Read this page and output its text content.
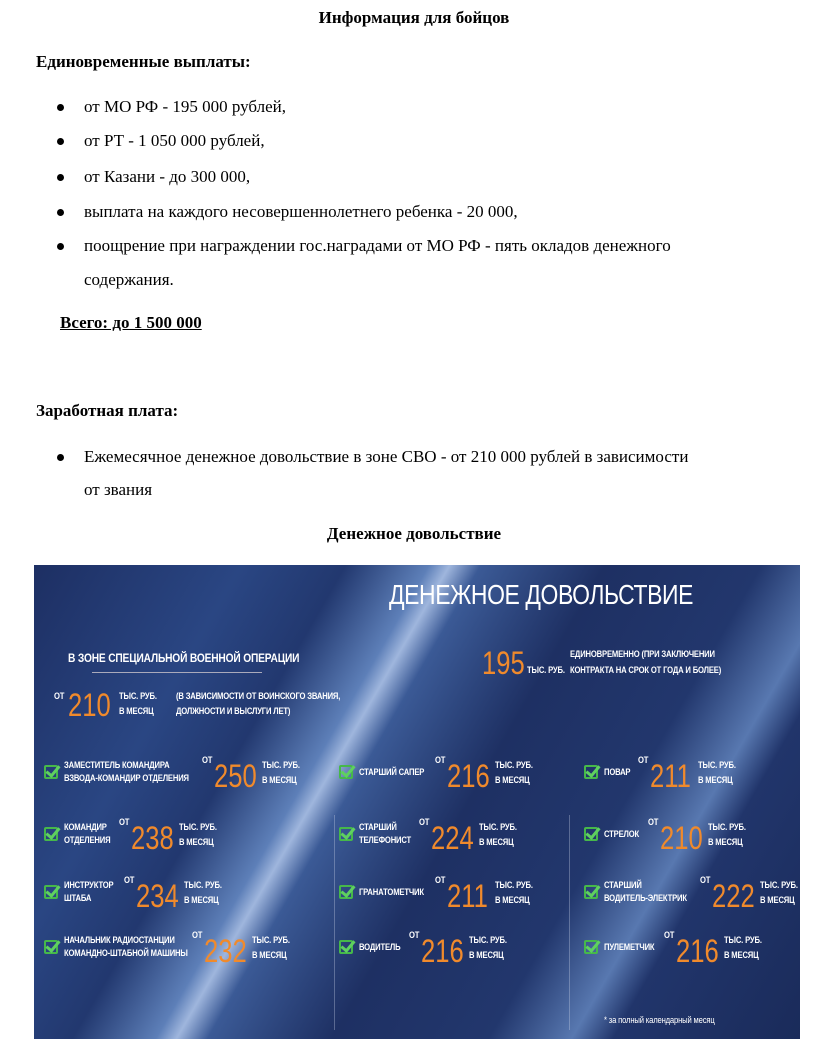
Информация для бойцов
Единовременные выплаты:
от МО РФ - 195 000 рублей,
от РТ - 1 050 000 рублей,
от Казани - до 300 000,
выплата на каждого несовершеннолетнего ребенка - 20 000,
поощрение при награждении гос.наградами от МО РФ - пять окладов денежного
содержания.
Всего: до 1 500 000
Заработная плата:
Ежемесячное денежное довольствие в зоне СВО - от 210 000 рублей в зависимости
от звания
Денежное довольствие
ДЕНЕЖНОЕ ДОВОЛЬСТВИЕ
В ЗОНЕ СПЕЦИАЛЬНОЙ ВОЕННОЙ ОПЕРАЦИИ
ОТ 210 ТЫС. РУБ.
В МЕСЯЦ
(В ЗАВИСИМОСТИ ОТ ВОИНСКОГО ЗВАНИЯ,
ДОЛЖНОСТИ И ВЫСЛУГИ ЛЕТ)
195 ТЫС. РУБ.
ЕДИНОВРЕМЕННО (ПРИ ЗАКЛЮЧЕНИИ
КОНТРАКТА НА СРОК ОТ ГОДА И БОЛЕЕ)
ЗАМЕСТИТЕЛЬ КОМАНДИРА
ВЗВОДА-КОМАНДИР ОТДЕЛЕНИЯ
ОТ 250 ТЫС. РУБ.
В МЕСЯЦ
СТАРШИЙ САПЕР
ОТ 216 ТЫС. РУБ.
В МЕСЯЦ
ПОВАР
ОТ 211 ТЫС. РУБ.
В МЕСЯЦ
КОМАНДИР
ОТДЕЛЕНИЯ
ОТ 238 ТЫС. РУБ.
В МЕСЯЦ
СТАРШИЙ
ТЕЛЕФОНИСТ
ОТ 224 ТЫС. РУБ.
В МЕСЯЦ
СТРЕЛОК
ОТ 210 ТЫС. РУБ.
В МЕСЯЦ
ИНСТРУКТОР
ШТАБА
ОТ 234 ТЫС. РУБ.
В МЕСЯЦ
ГРАНАТОМЕТЧИК
ОТ 211 ТЫС. РУБ.
В МЕСЯЦ
СТАРШИЙ
ВОДИТЕЛЬ-ЭЛЕКТРИК
ОТ 222 ТЫС. РУБ.
В МЕСЯЦ
НАЧАЛЬНИК РАДИОСТАНЦИИ
КОМАНДНО-ШТАБНОЙ МАШИНЫ
ОТ 232 ТЫС. РУБ.
В МЕСЯЦ
ВОДИТЕЛЬ
ОТ 216 ТЫС. РУБ.
В МЕСЯЦ
ПУЛЕМЕТЧИК
ОТ 216 ТЫС. РУБ.
В МЕСЯЦ
* за полный календарный месяц
